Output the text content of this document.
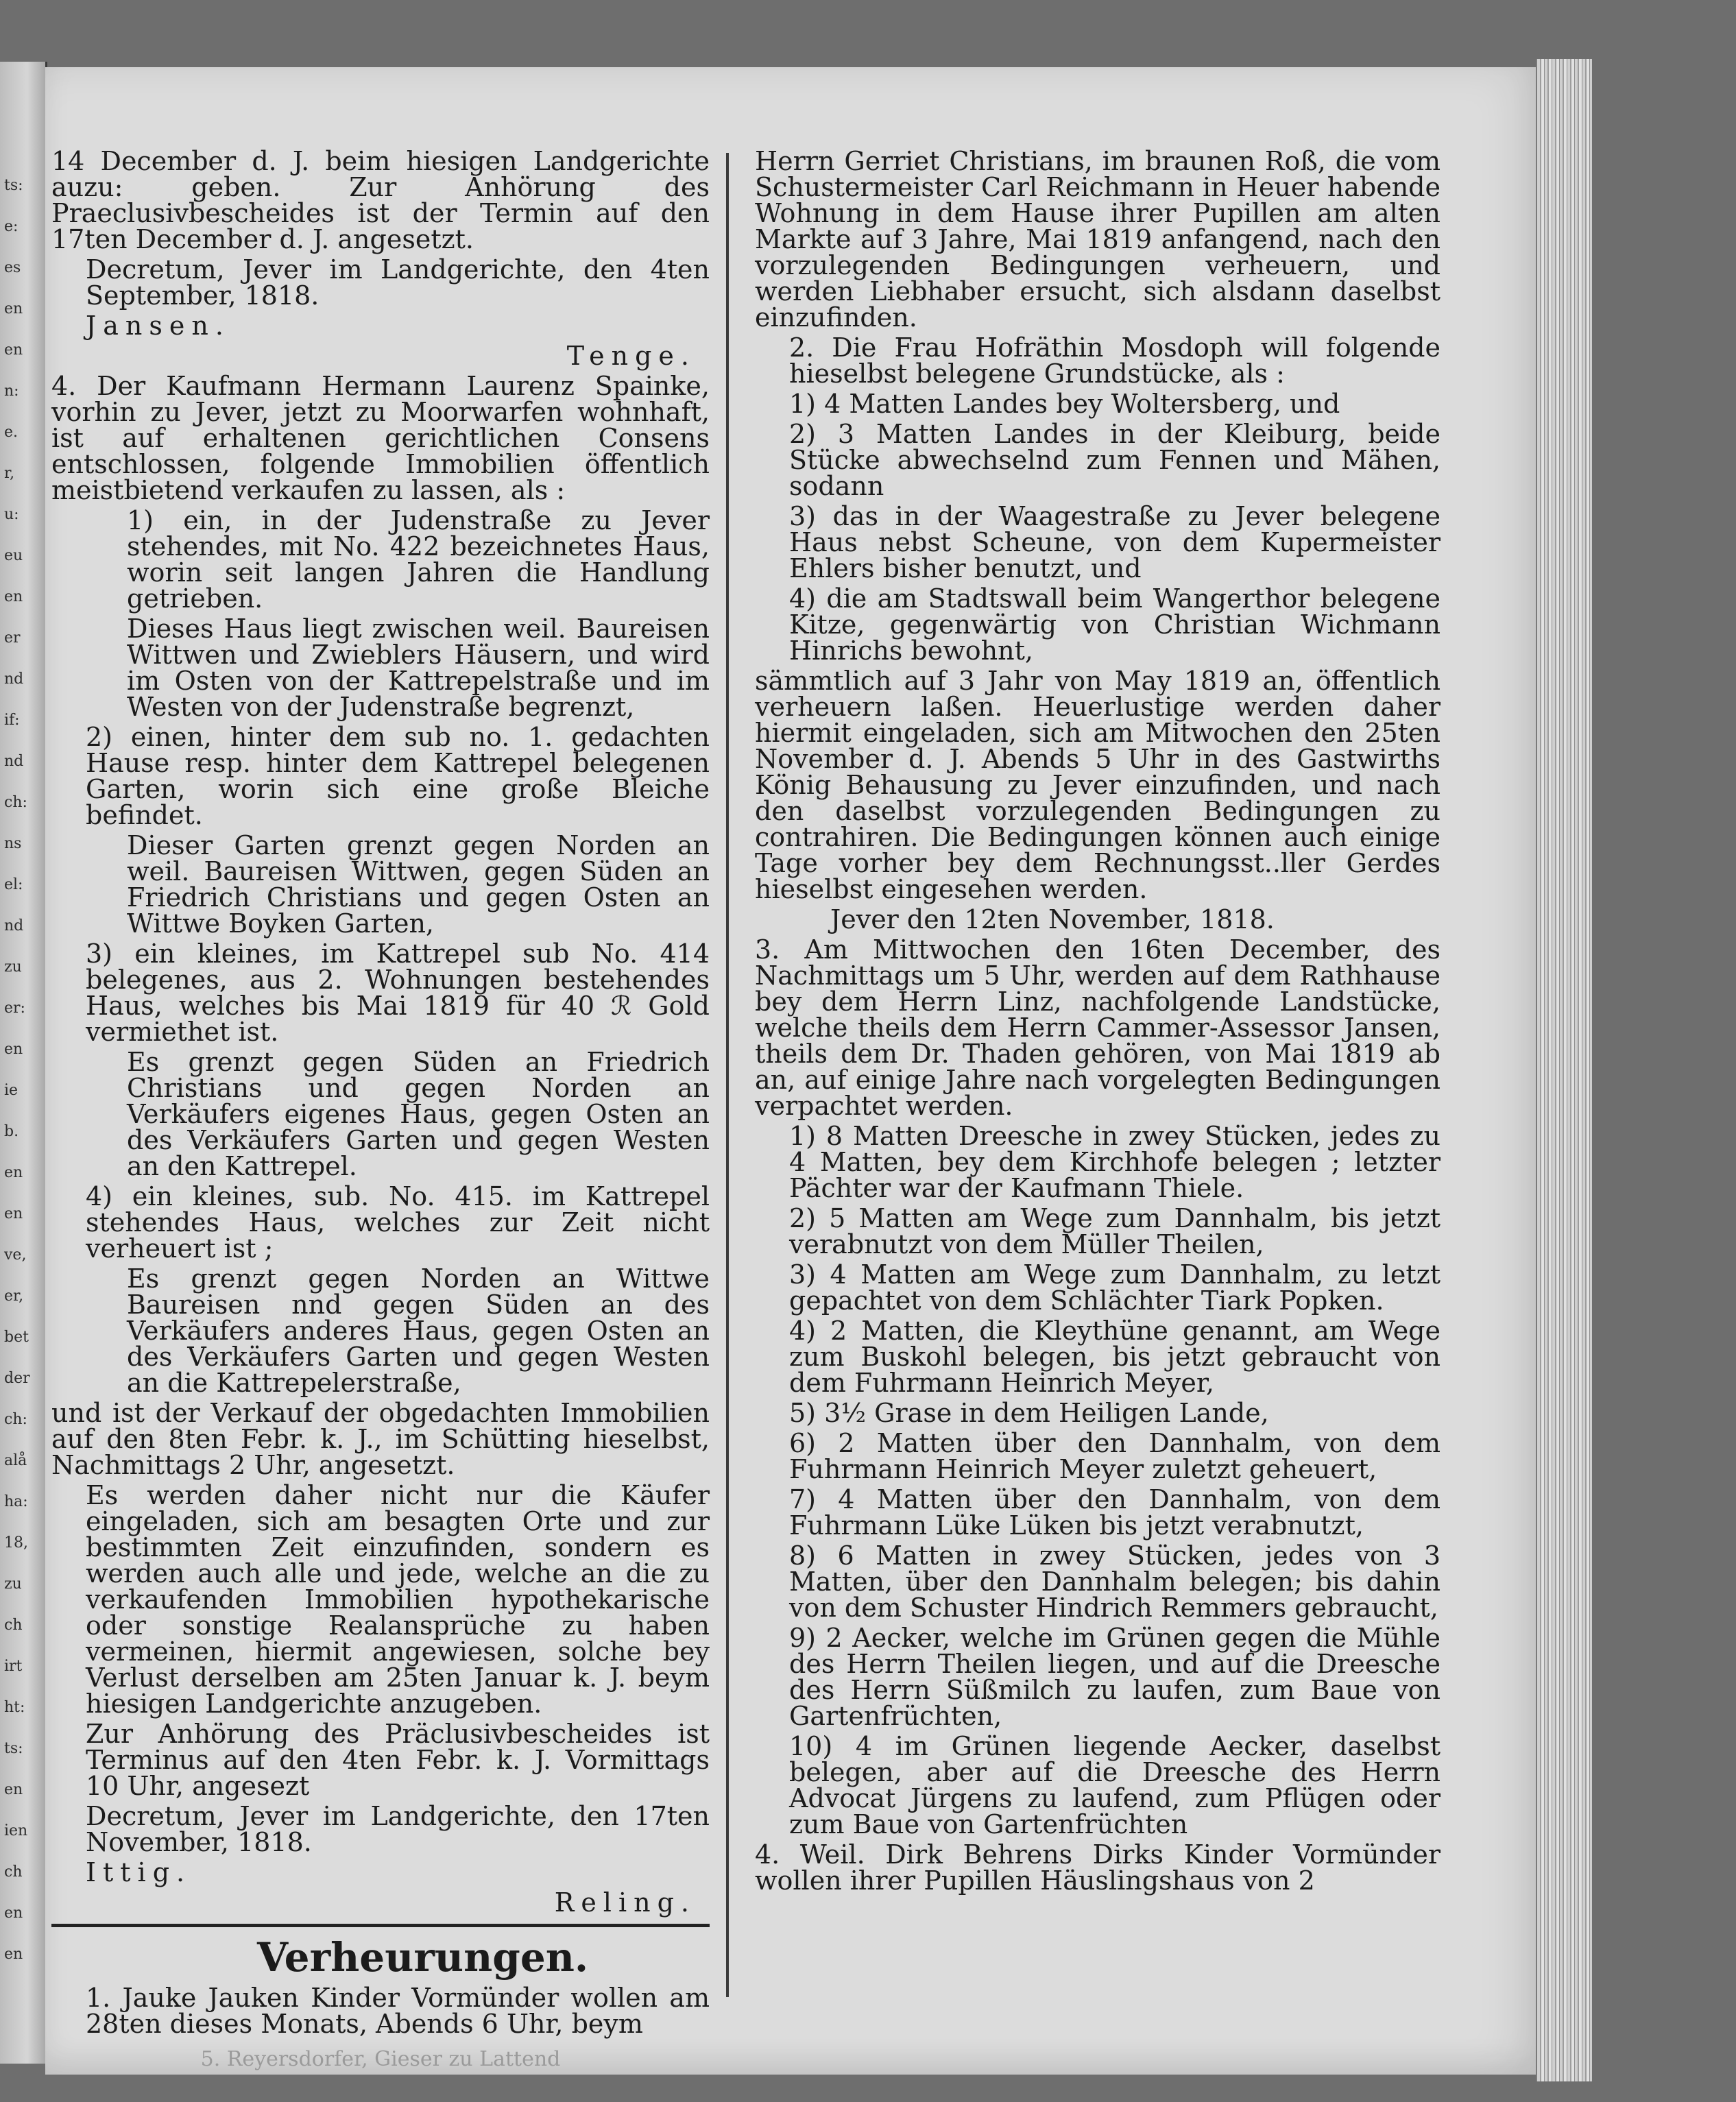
ts:
e:
es
en
en
n:
e.
r,
u:
eu
en
er
nd
if:
nd
ch:
ns
el:
nd
zu
er:
en
ie
b.
en
en
ve,
er,
bet
der
ch:
alå
ha:
18,
zu
ch
irt
ht:
ts:
en
ien
ch
en
en

14 December d. J. beim hiesigen Landgerichte auzu: geben. Zur Anhörung des Praeclusivbescheides ist der Termin auf den 17ten December d. J. angesetzt.

Decretum, Jever im Landgerichte, den 4ten September, 1818.

Jansen.

Tenge.

4. Der Kaufmann Hermann Laurenz Spainke, vorhin zu Jever, jetzt zu Moorwarfen wohnhaft, ist auf erhaltenen gerichtlichen Consens entschlossen, folgende Immobilien öffentlich meistbietend verkaufen zu lassen, als :

1) ein, in der Judenstraße zu Jever stehendes, mit No. 422 bezeichnetes Haus, worin seit langen Jahren die Handlung getrieben.

Dieses Haus liegt zwischen weil. Baureisen Wittwen und Zwieblers Häusern, und wird im Osten von der Kattrepelstraße und im Westen von der Judenstraße begrenzt,

2) einen, hinter dem sub no. 1. gedachten Hause resp. hinter dem Kattrepel belegenen Garten, worin sich eine große Bleiche befindet.

Dieser Garten grenzt gegen Norden an weil. Baureisen Wittwen, gegen Süden an Friedrich Christians und gegen Osten an Wittwe Boyken Garten,

3) ein kleines, im Kattrepel sub No. 414 belegenes, aus 2. Wohnungen bestehendes Haus, welches bis Mai 1819 für 40 ℛ Gold vermiethet ist.

Es grenzt gegen Süden an Friedrich Christians und gegen Norden an Verkäufers eigenes Haus, gegen Osten an des Verkäufers Garten und gegen Westen an den Kattrepel.

4) ein kleines, sub. No. 415. im Kattrepel stehendes Haus, welches zur Zeit nicht verheuert ist ;

Es grenzt gegen Norden an Wittwe Baureisen nnd gegen Süden an des Verkäufers anderes Haus, gegen Osten an des Verkäufers Garten und gegen Westen an die Kattrepelerstraße,

und ist der Verkauf der obgedachten Immobilien auf den 8ten Febr. k. J., im Schütting hieselbst, Nachmittags 2 Uhr, angesetzt.

Es werden daher nicht nur die Käufer eingeladen, sich am besagten Orte und zur bestimmten Zeit einzufinden, sondern es werden auch alle und jede, welche an die zu verkaufenden Immobilien hypothekarische oder sonstige Realansprüche zu haben vermeinen, hiermit angewiesen, solche bey Verlust derselben am 25ten Januar k. J. beym hiesigen Landgerichte anzugeben.

Zur Anhörung des Präclusivbescheides ist Terminus auf den 4ten Febr. k. J. Vormittags 10 Uhr, angesezt

Decretum, Jever im Landgerichte, den 17ten November, 1818.

Ittig.

Reling.

Verheurungen.

1. Jauke Jauken Kinder Vormünder wollen am 28ten dieses Monats, Abends 6 Uhr, beym

5. Reyersdorfer, Gieser zu Lattend

Herrn Gerriet Christians, im braunen Roß, die vom Schustermeister Carl Reichmann in Heuer habende Wohnung in dem Hause ihrer Pupillen am alten Markte auf 3 Jahre, Mai 1819 anfangend, nach den vorzulegenden Bedingungen verheuern, und werden Liebhaber ersucht, sich alsdann daselbst einzufinden.

2. Die Frau Hofräthin Mosdoph will folgende hieselbst belegene Grundstücke, als :

1) 4 Matten Landes bey Woltersberg, und

2) 3 Matten Landes in der Kleiburg, beide Stücke abwechselnd zum Fennen und Mähen, sodann

3) das in der Waagestraße zu Jever belegene Haus nebst Scheune, von dem Kupermeister Ehlers bisher benutzt, und

4) die am Stadtswall beim Wangerthor belegene Kitze, gegenwärtig von Christian Wichmann Hinrichs bewohnt,

sämmtlich auf 3 Jahr von May 1819 an, öffentlich verheuern laßen. Heuerlustige werden daher hiermit eingeladen, sich am Mitwochen den 25ten November d. J. Abends 5 Uhr in des Gastwirths König Behausung zu Jever einzufinden, und nach den daselbst vorzulegenden Bedingungen zu contrahiren. Die Bedingungen können auch einige Tage vorher bey dem Rechnungsst..ller Gerdes hieselbst eingesehen werden.

Jever den 12ten November, 1818.

3. Am Mittwochen den 16ten December, des Nachmittags um 5 Uhr, werden auf dem Rathhause bey dem Herrn Linz, nachfolgende Landstücke, welche theils dem Herrn Cammer-Assessor Jansen, theils dem Dr. Thaden gehören, von Mai 1819 ab an, auf einige Jahre nach vorgelegten Bedingungen verpachtet werden.

1) 8 Matten Dreesche in zwey Stücken, jedes zu 4 Matten, bey dem Kirchhofe belegen ; letzter Pächter war der Kaufmann Thiele.

2) 5 Matten am Wege zum Dannhalm, bis jetzt verabnutzt von dem Müller Theilen,

3) 4 Matten am Wege zum Dannhalm, zu letzt gepachtet von dem Schlächter Tiark Popken.

4) 2 Matten, die Kleythüne genannt, am Wege zum Buskohl belegen, bis jetzt gebraucht von dem Fuhrmann Heinrich Meyer,

5) 3½ Grase in dem Heiligen Lande,

6) 2 Matten über den Dannhalm, von dem Fuhrmann Heinrich Meyer zuletzt geheuert,

7) 4 Matten über den Dannhalm, von dem Fuhrmann Lüke Lüken bis jetzt verabnutzt,

8) 6 Matten in zwey Stücken, jedes von 3 Matten, über den Dannhalm belegen; bis dahin von dem Schuster Hindrich Remmers gebraucht,

9) 2 Aecker, welche im Grünen gegen die Mühle des Herrn Theilen liegen, und auf die Dreesche des Herrn Süßmilch zu laufen, zum Baue von Gartenfrüchten,

10) 4 im Grünen liegende Aecker, daselbst belegen, aber auf die Dreesche des Herrn Advocat Jürgens zu laufend, zum Pflügen oder zum Baue von Gartenfrüchten

4. Weil. Dirk Behrens Dirks Kinder Vormünder wollen ihrer Pupillen Häuslingshaus von 2
